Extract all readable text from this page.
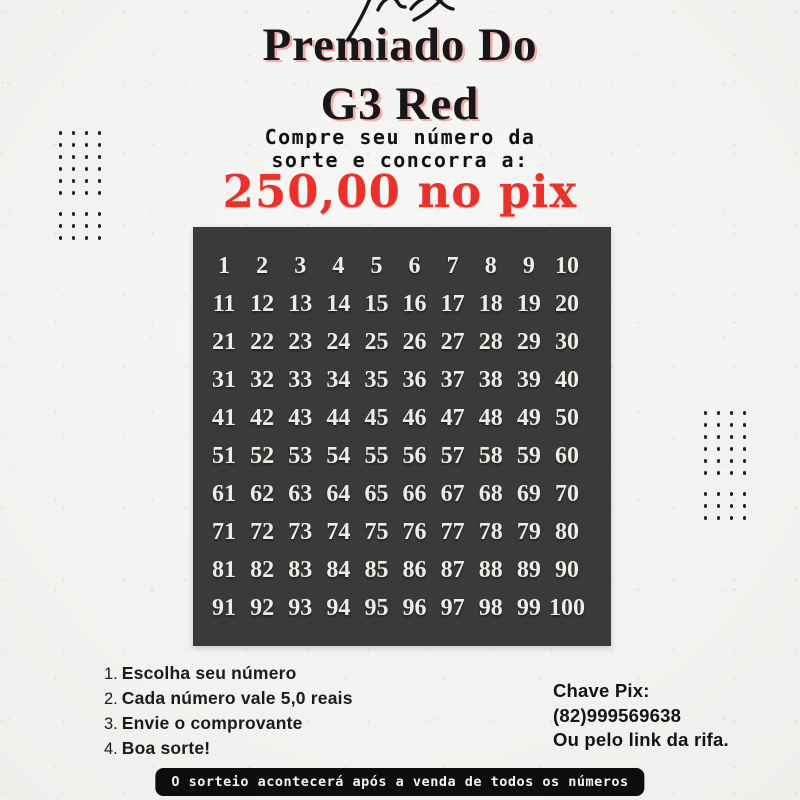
Premiado Do
G3 Red

Compre seu número da
sorte e concorra a:

250,00 no pix
1	2	3	4	5	6	7	8	9 10
11 12 13 14 15 16 17 18 19 20
21 22 23 24 25 26 27 28 29 30
31 32 33 34 35 36 37 38 39 40
41 42 43 44 45 46 47 48 49 50
51 52 53 54 55 56 57 58 59 60
61 62 63 64 65 66 67 68 69 70
71 72 73 74 75 76 77 78 79 80
81 82 83 84 85 86 87 88 89 90
91 92 93 94 95 96 97 98 99 100
1. Escolha seu número
2. Cada número vale 5,0 reais
3. Envie o comprovante
4. Boa sorte!
Chave Pix:
(82)999569638
Ou pelo link da rifa.
O sorteio acontecerá após a venda de todos os números
